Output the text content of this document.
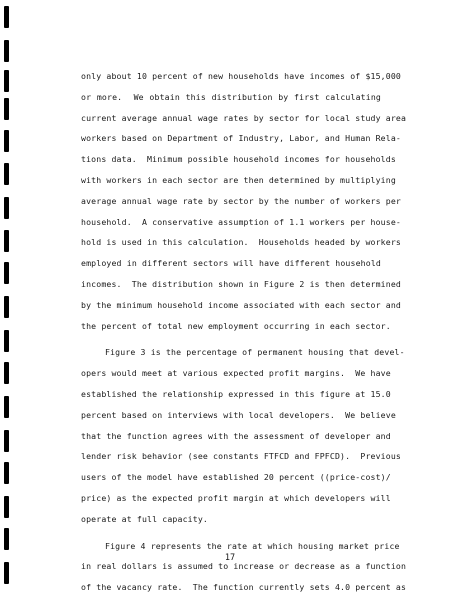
only about 10 percent of new households have incomes of $15,000
or more.  We obtain this distribution by first calculating
current average annual wage rates by sector for local study area
workers based on Department of Industry, Labor, and Human Rela-
tions data.  Minimum possible household incomes for households
with workers in each sector are then determined by multiplying
average annual wage rate by sector by the number of workers per
household.  A conservative assumption of 1.1 workers per house-
hold is used in this calculation.  Households headed by workers
employed in different sectors will have different household
incomes.  The distribution shown in Figure 2 is then determined
by the minimum household income associated with each sector and
the percent of total new employment occurring in each sector.
Figure 3 is the percentage of permanent housing that devel-
opers would meet at various expected profit margins.  We have
established the relationship expressed in this figure at 15.0
percent based on interviews with local developers.  We believe
that the function agrees with the assessment of developer and
lender risk behavior (see constants FTFCD and FPFCD).  Previous
users of the model have established 20 percent ((price-cost)/
price) as the expected profit margin at which developers will
operate at full capacity.
Figure 4 represents the rate at which housing market price
in real dollars is assumed to increase or decrease as a function
of the vacancy rate.  The function currently sets 4.0 percent as
17
